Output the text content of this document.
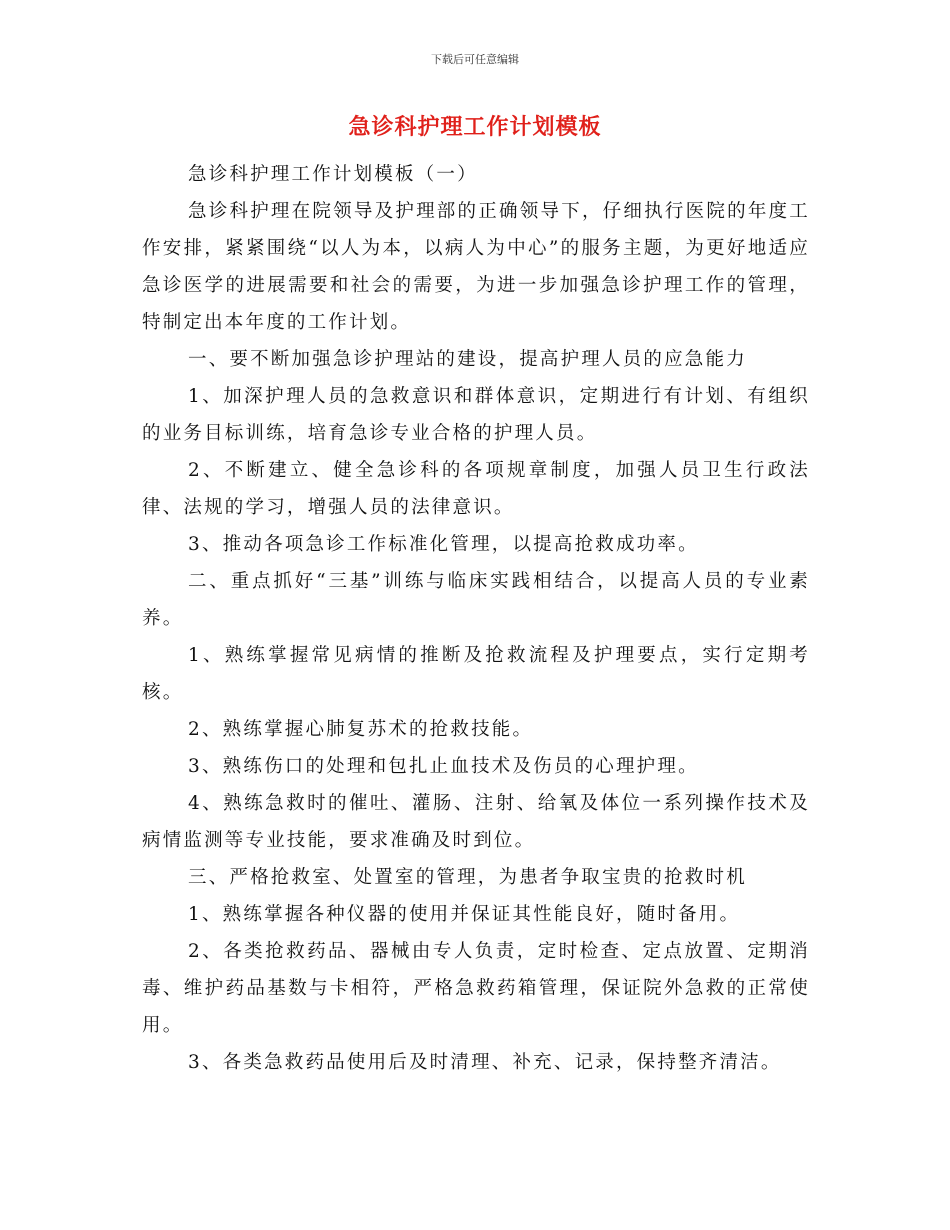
下载后可任意编辑
急诊科护理工作计划模板

急诊科护理工作计划模板（一）

急诊科护理在院领导及护理部的正确领导下，仔细执行医院的年度工作安排，紧紧围绕“以人为本，以病人为中心”的服务主题，为更好地适应急诊医学的进展需要和社会的需要，为进一步加强急诊护理工作的管理，特制定出本年度的工作计划。

一、要不断加强急诊护理站的建设，提高护理人员的应急能力

1、加深护理人员的急救意识和群体意识，定期进行有计划、有组织的业务目标训练，培育急诊专业合格的护理人员。

2、不断建立、健全急诊科的各项规章制度，加强人员卫生行政法律、法规的学习，增强人员的法律意识。

3、推动各项急诊工作标准化管理，以提高抢救成功率。

二、重点抓好“三基”训练与临床实践相结合，以提高人员的专业素养。

1、熟练掌握常见病情的推断及抢救流程及护理要点，实行定期考核。

2、熟练掌握心肺复苏术的抢救技能。

3、熟练伤口的处理和包扎止血技术及伤员的心理护理。

4、熟练急救时的催吐、灌肠、注射、给氧及体位一系列操作技术及病情监测等专业技能，要求准确及时到位。

三、严格抢救室、处置室的管理，为患者争取宝贵的抢救时机

1、熟练掌握各种仪器的使用并保证其性能良好，随时备用。

2、各类抢救药品、器械由专人负责，定时检查、定点放置、定期消毒、维护药品基数与卡相符，严格急救药箱管理，保证院外急救的正常使用。

3、各类急救药品使用后及时清理、补充、记录，保持整齐清洁。
